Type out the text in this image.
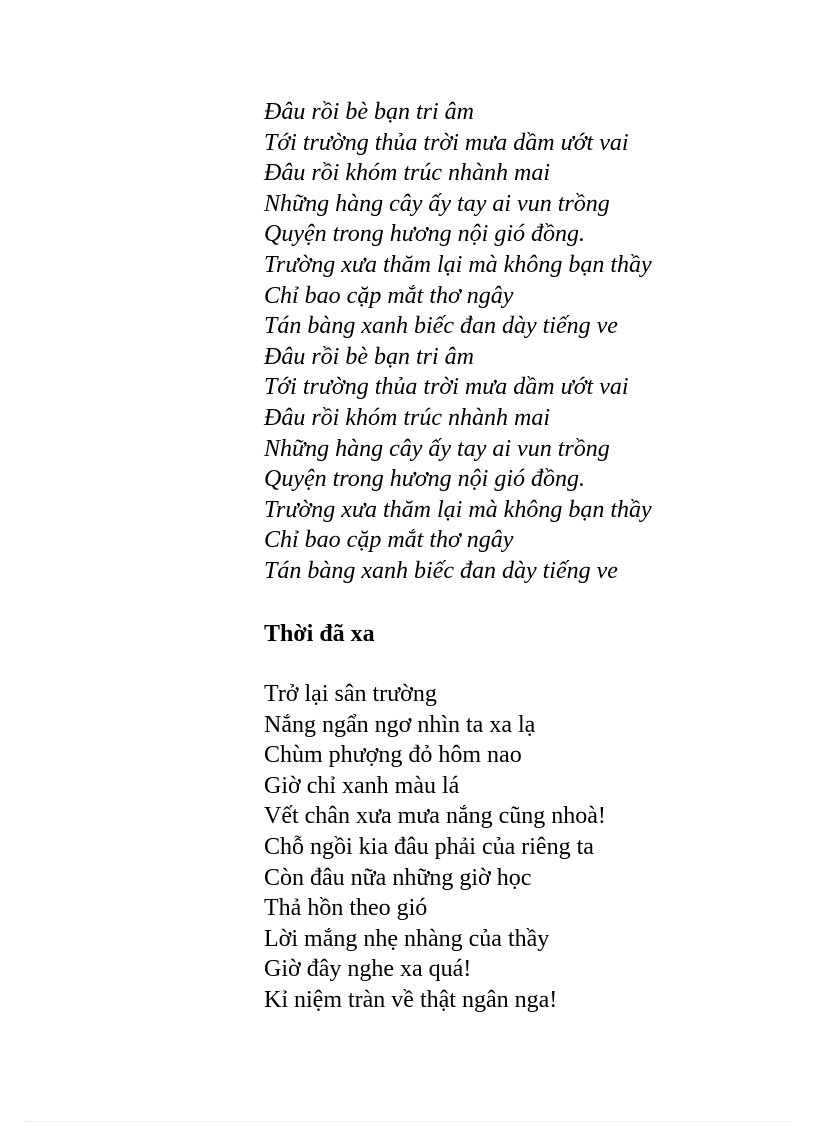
Đâu rồi bè bạn tri âm
Tới trường thủa trời mưa dầm ướt vai
Đâu rồi khóm trúc nhành mai
Những hàng cây ấy tay ai vun trồng
Quyện trong hương nội gió đồng.
Trường xưa thăm lại mà không bạn thầy
Chỉ bao cặp mắt thơ ngây
Tán bàng xanh biếc đan dày tiếng ve
Đâu rồi bè bạn tri âm
Tới trường thủa trời mưa dầm ướt vai
Đâu rồi khóm trúc nhành mai
Những hàng cây ấy tay ai vun trồng
Quyện trong hương nội gió đồng.
Trường xưa thăm lại mà không bạn thầy
Chỉ bao cặp mắt thơ ngây
Tán bàng xanh biếc đan dày tiếng ve
Thời đã xa
Trở lại sân trường
Nắng ngẩn ngơ nhìn ta xa lạ
Chùm phượng đỏ hôm nao
Giờ chỉ xanh màu lá
Vết chân xưa mưa nắng cũng nhoà!
Chỗ ngồi kia đâu phải của riêng ta
Còn đâu nữa những giờ học
Thả hồn theo gió
Lời mắng nhẹ nhàng của thầy
Giờ đây nghe xa quá!
Kỉ niệm tràn về thật ngân nga!
